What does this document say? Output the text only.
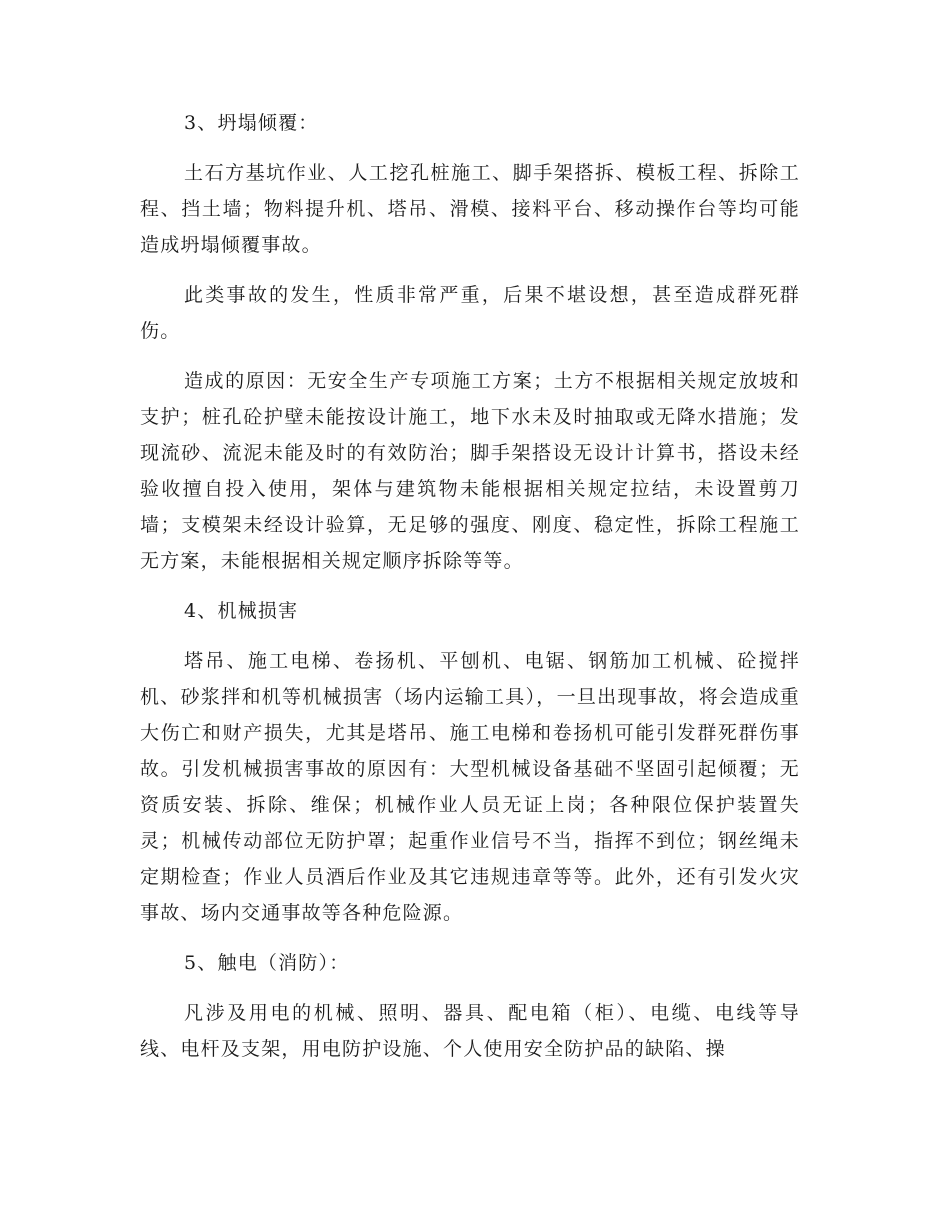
3、坍塌倾覆：

土石方基坑作业、人工挖孔桩施工、脚手架搭拆、模板工程、拆除工程、挡土墙；物料提升机、塔吊、滑模、接料平台、移动操作台等均可能造成坍塌倾覆事故。

此类事故的发生，性质非常严重，后果不堪设想，甚至造成群死群伤。

造成的原因：无安全生产专项施工方案；土方不根据相关规定放坡和支护；桩孔砼护壁未能按设计施工，地下水未及时抽取或无降水措施；发现流砂、流泥未能及时的有效防治；脚手架搭设无设计计算书，搭设未经验收擅自投入使用，架体与建筑物未能根据相关规定拉结，未设置剪刀墙；支模架未经设计验算，无足够的强度、刚度、稳定性，拆除工程施工无方案，未能根据相关规定顺序拆除等等。

4、机械损害

塔吊、施工电梯、卷扬机、平刨机、电锯、钢筋加工机械、砼搅拌机、砂浆拌和机等机械损害（场内运输工具），一旦出现事故，将会造成重大伤亡和财产损失，尤其是塔吊、施工电梯和卷扬机可能引发群死群伤事故。引发机械损害事故的原因有：大型机械设备基础不坚固引起倾覆；无资质安装、拆除、维保；机械作业人员无证上岗；各种限位保护装置失灵；机械传动部位无防护罩；起重作业信号不当，指挥不到位；钢丝绳未定期检查；作业人员酒后作业及其它违规违章等等。此外，还有引发火灾事故、场内交通事故等各种危险源。

5、触电（消防）：

凡涉及用电的机械、照明、器具、配电箱（柜）、电缆、电线等导线、电杆及支架，用电防护设施、个人使用安全防护品的缺陷、操
